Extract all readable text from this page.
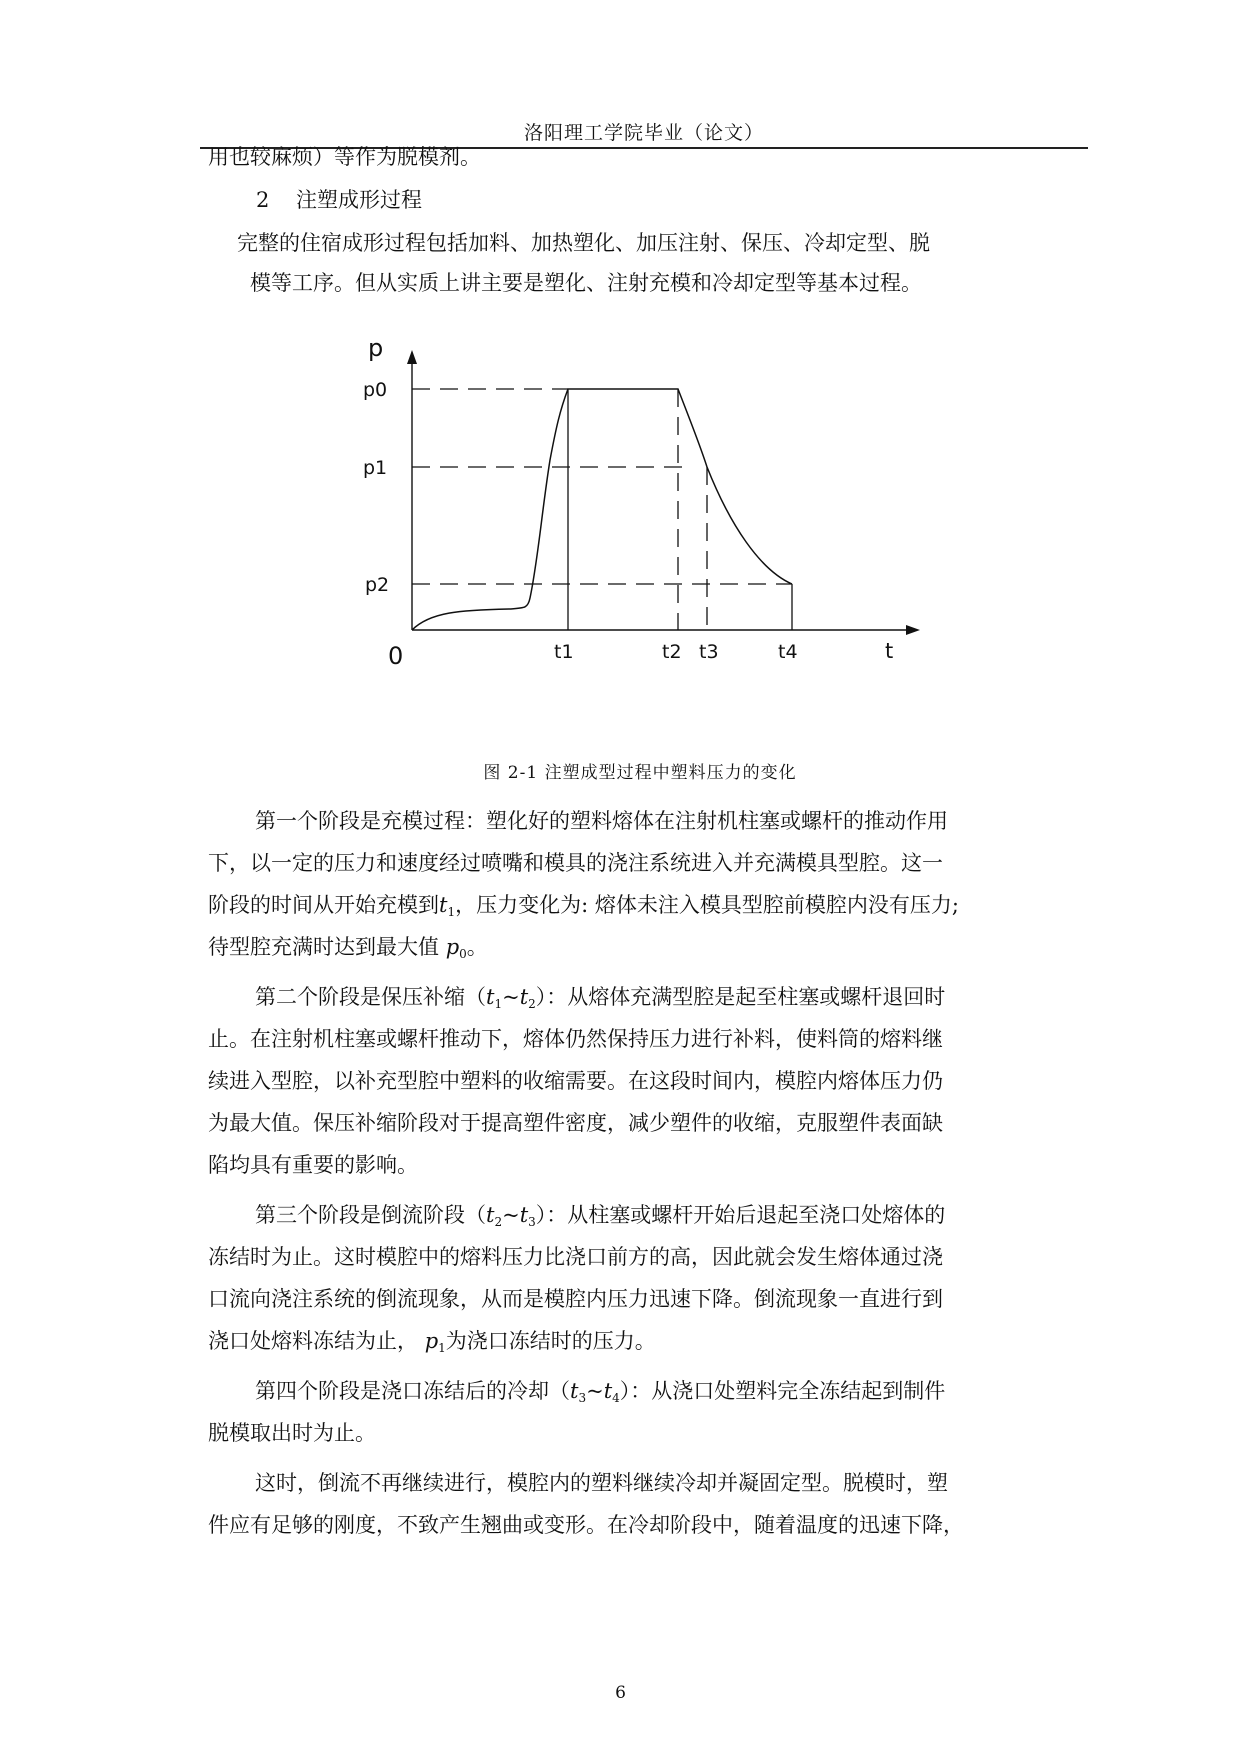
洛阳理工学院毕业（论文）
用也较麻烦）等作为脱模剂。
2    注塑成形过程
完整的住宿成形过程包括加料、加热塑化、加压注射、保压、冷却定型、脱
模等工序。但从实质上讲主要是塑化、注射充模和冷却定型等基本过程。
p
p0
p1
p2
0	t1	t2 t3	t4	t
图 2-1 注塑成型过程中塑料压力的变化
第一个阶段是充模过程：塑化好的塑料熔体在注射机柱塞或螺杆的推动作用
下，以一定的压力和速度经过喷嘴和模具的浇注系统进入并充满模具型腔。这一
阶段的时间从开始充模到$t_1$，压力变化为: 熔体未注入模具型腔前模腔内没有压力;
待型腔充满时达到最大值 $p_0$。
第二个阶段是保压补缩$(t_1\sim t_2)$：从熔体充满型腔是起至柱塞或螺杆退回时
止。在注射机柱塞或螺杆推动下，熔体仍然保持压力进行补料，使料筒的熔料继
续进入型腔，以补充型腔中塑料的收缩需要。在这段时间内，模腔内熔体压力仍
为最大值。保压补缩阶段对于提高塑件密度，减少塑件的收缩，克服塑件表面缺
陷均具有重要的影响。
第三个阶段是倒流阶段$(t_2\sim t_3)$：从柱塞或螺杆开始后退起至浇口处熔体的
冻结时为止。这时模腔中的熔料压力比浇口前方的高，因此就会发生熔体通过浇
口流向浇注系统的倒流现象，从而是模腔内压力迅速下降。倒流现象一直进行到
浇口处熔料冻结为止， $p_1$为浇口冻结时的压力。
第四个阶段是浇口冻结后的冷却$(t_3\sim t_4)$：从浇口处塑料完全冻结起到制件
脱模取出时为止。
这时，倒流不再继续进行，模腔内的塑料继续冷却并凝固定型。脱模时，塑
件应有足够的刚度，不致产生翘曲或变形。在冷却阶段中，随着温度的迅速下降，
6
